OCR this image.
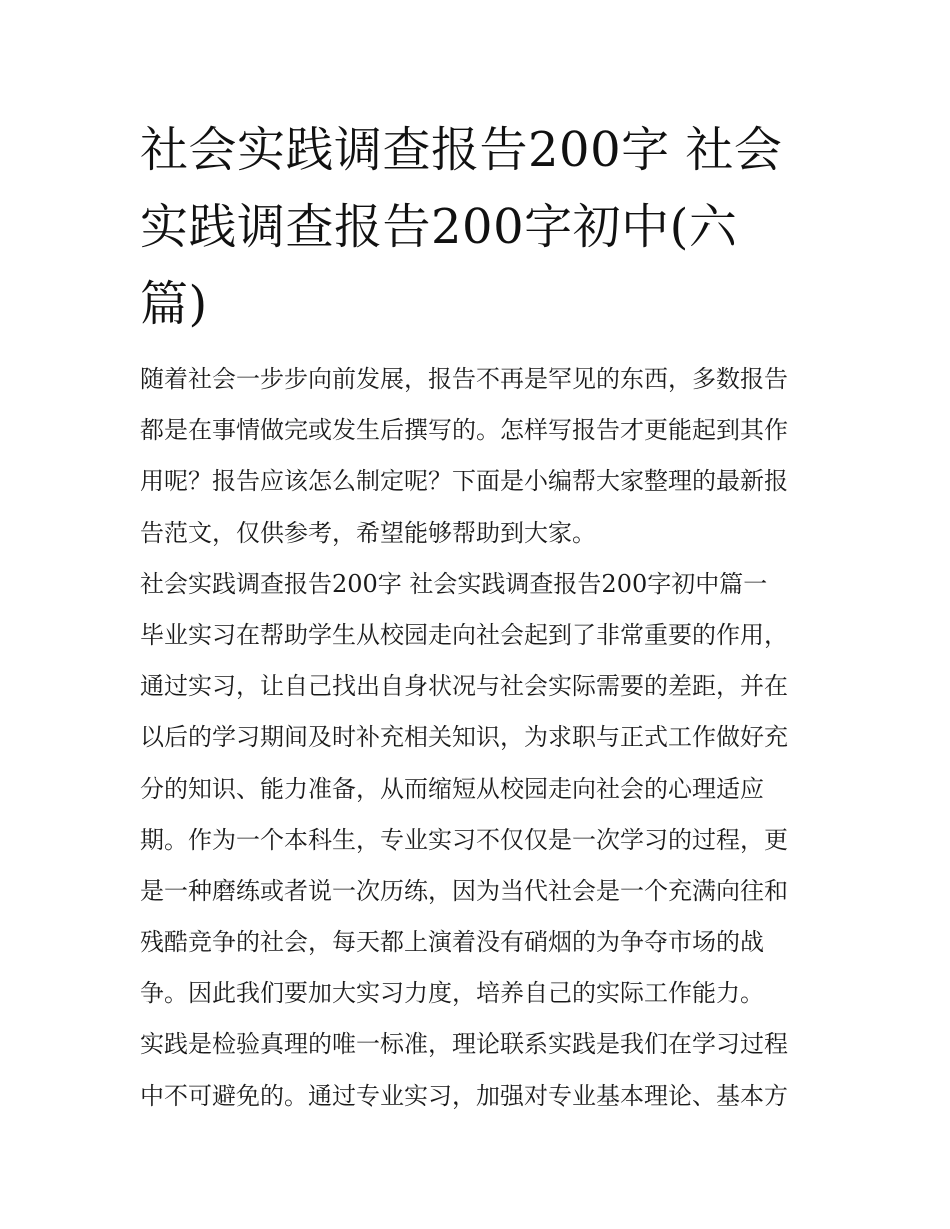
社会实践调查报告200字 社会
实践调查报告200字初中(六
篇)
随着社会一步步向前发展，报告不再是罕见的东西，多数报告
都是在事情做完或发生后撰写的。怎样写报告才更能起到其作
用呢？报告应该怎么制定呢？下面是小编帮大家整理的最新报
告范文，仅供参考，希望能够帮助到大家。
社会实践调查报告200字 社会实践调查报告200字初中篇一
毕业实习在帮助学生从校园走向社会起到了非常重要的作用，
通过实习，让自己找出自身状况与社会实际需要的差距，并在
以后的学习期间及时补充相关知识，为求职与正式工作做好充
分的知识、能力准备，从而缩短从校园走向社会的心理适应
期。作为一个本科生，专业实习不仅仅是一次学习的过程，更
是一种磨练或者说一次历练，因为当代社会是一个充满向往和
残酷竞争的社会，每天都上演着没有硝烟的为争夺市场的战
争。因此我们要加大实习力度，培养自己的实际工作能力。
实践是检验真理的唯一标准，理论联系实践是我们在学习过程
中不可避免的。通过专业实习，加强对专业基本理论、基本方
